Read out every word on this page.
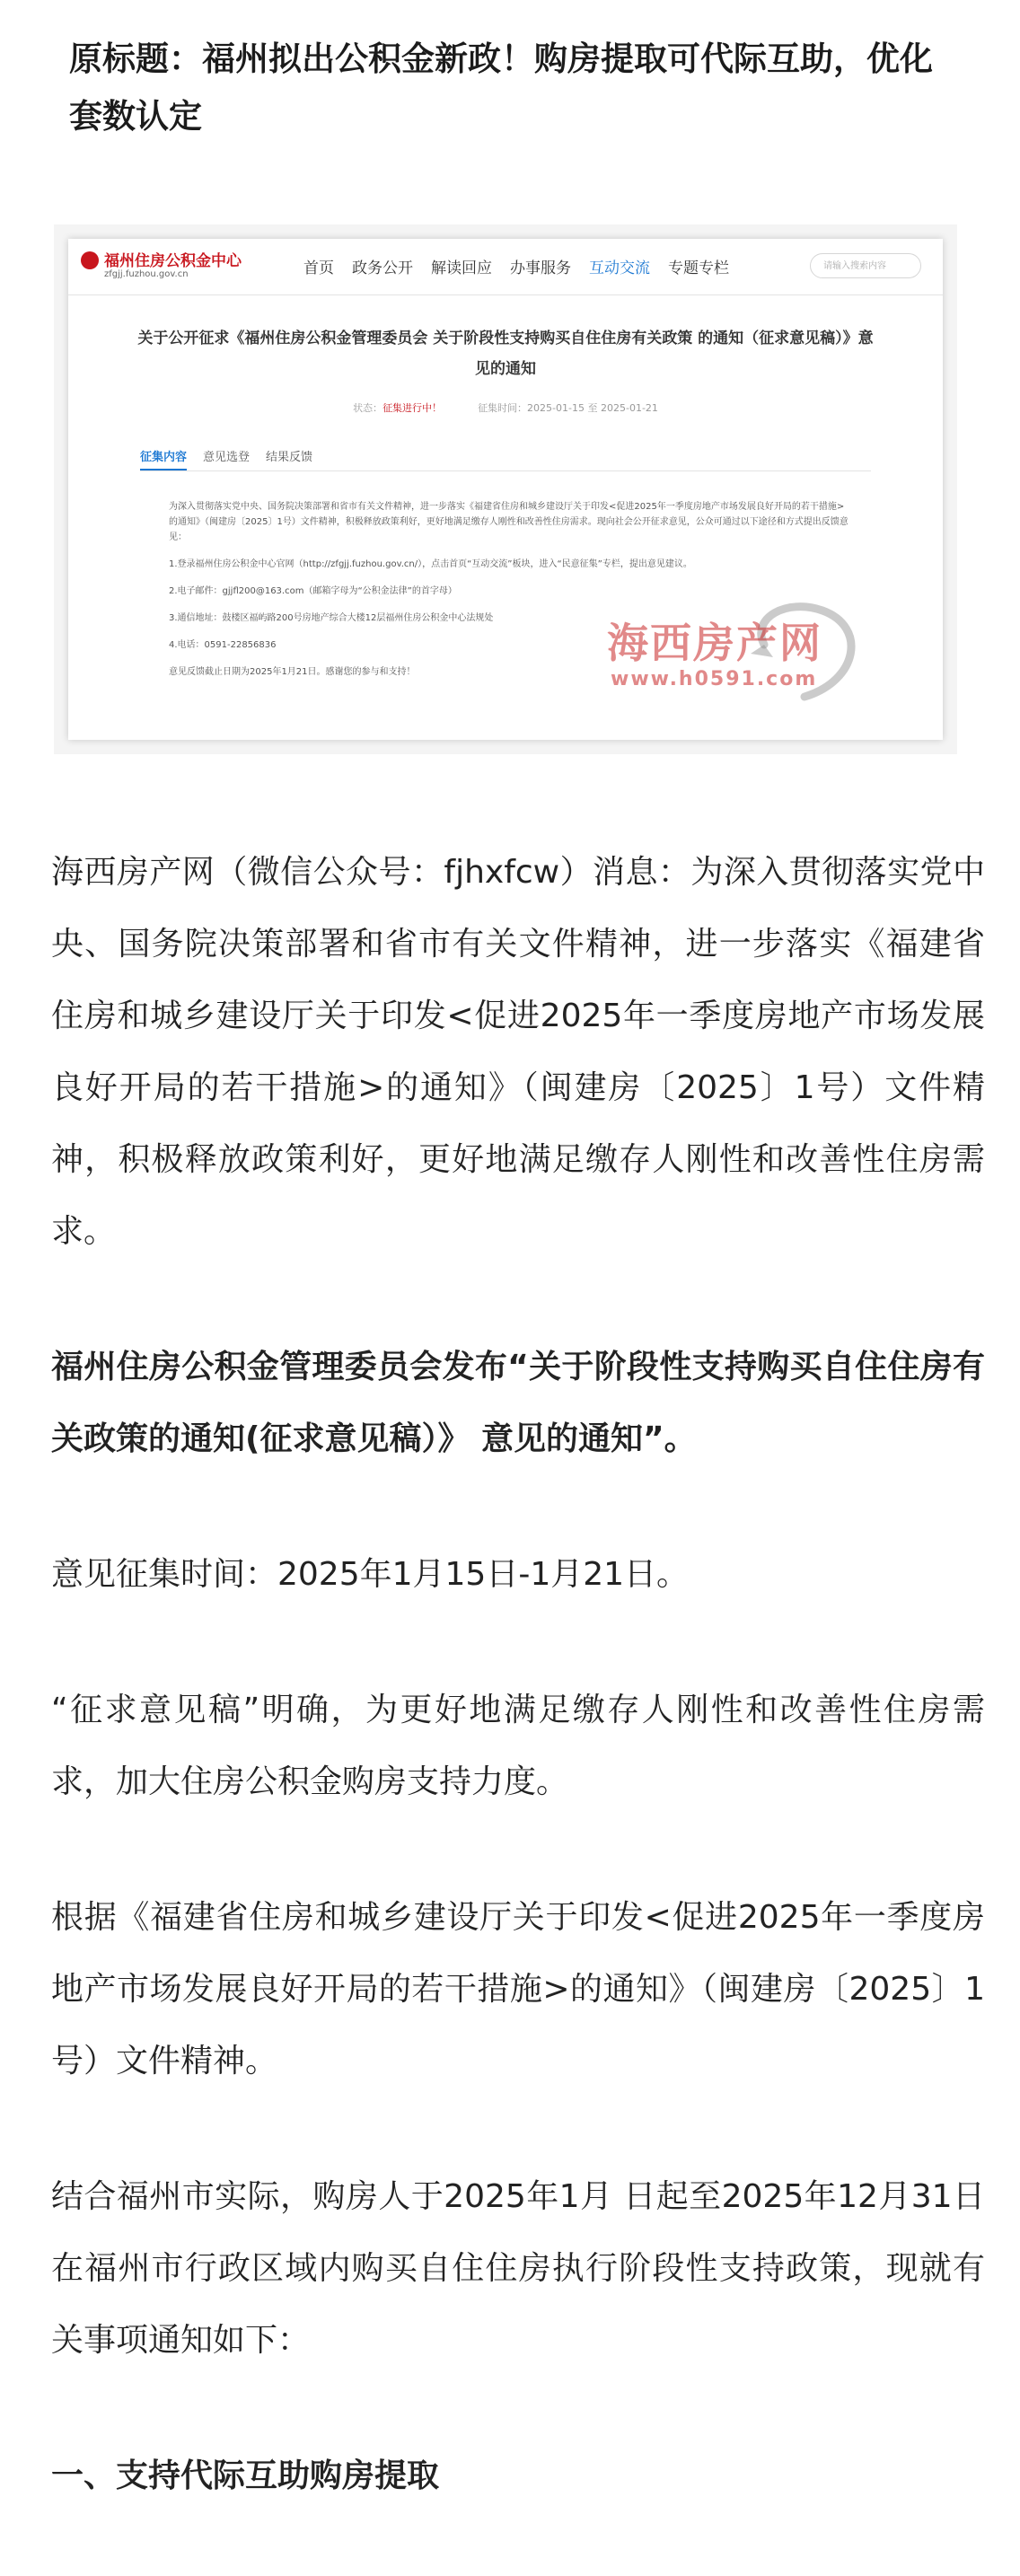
原标题：福州拟出公积金新政！购房提取可代际互助，优化套数认定
福州住房公积金中心
zfgjj.fuzhou.gov.cn	首页 政务公开 解读回应 办事服务 互动交流 专题专栏	请输入搜索内容
关于公开征求《福州住房公积金管理委员会 关于阶段性支持购买自住住房有关政策 的通知（征求意见稿）》意见的通知
状态：征集进行中！	征集时间：2025-01-15 至 2025-01-21
征集内容 意见选登 结果反馈

为深入贯彻落实党中央、国务院决策部署和省市有关文件精神，进一步落实《福建省住房和城乡建设厅关于印发<促进2025年一季度房地产市场发展良好开局的若干措施>的通知》（闽建房〔2025〕1号）文件精神，积极释放政策利好，更好地满足缴存人刚性和改善性住房需求。现向社会公开征求意见，公众可通过以下途径和方式提出反馈意见：

1.登录福州住房公积金中心官网（http://zfgjj.fuzhou.gov.cn/），点击首页“互动交流”板块，进入“民意征集”专栏，提出意见建议。

2.电子邮件：gjjfl200@163.com（邮箱字母为“公积金法律”的首字母）

3.通信地址：鼓楼区福屿路200号房地产综合大楼12层福州住房公积金中心法规处

4.电话：0591-22856836

意见反馈截止日期为2025年1月21日。感谢您的参与和支持！

海西房产网
www.h0591.com

海西房产网（微信公众号：fjhxfcw）消息：为深入贯彻落实党中央、国务院决策部署和省市有关文件精神，进一步落实《福建省住房和城乡建设厅关于印发<促进2025年一季度房地产市场发展良好开局的若干措施>的通知》（闽建房〔2025〕1号）文件精神，积极释放政策利好，更好地满足缴存人刚性和改善性住房需求。

福州住房公积金管理委员会发布“关于阶段性支持购买自住住房有关政策的通知(征求意见稿）》 意见的通知”。

意见征集时间：2025年1月15日-1月21日。

“征求意见稿”明确，为更好地满足缴存人刚性和改善性住房需求，加大住房公积金购房支持力度。

根据《福建省住房和城乡建设厅关于印发<促进2025年一季度房地产市场发展良好开局的若干措施>的通知》（闽建房〔2025〕1号）文件精神。

结合福州市实际，购房人于2025年1月 日起至2025年12月31日在福州市行政区域内购买自住住房执行阶段性支持政策，现就有关事项通知如下：

一、支持代际互助购房提取
